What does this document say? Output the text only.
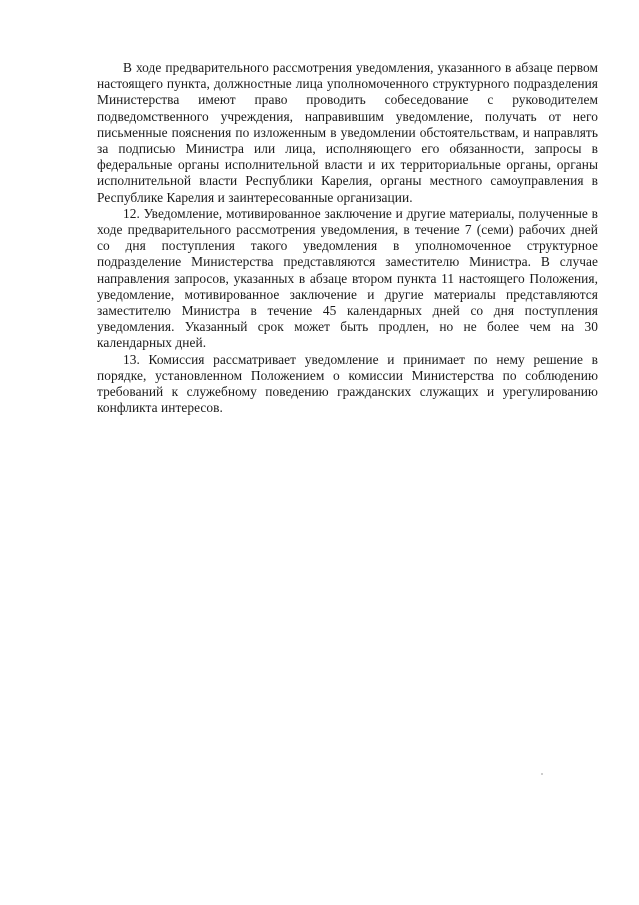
В ходе предварительного рассмотрения уведомления, указанного в абзаце первом настоящего пункта, должностные лица уполномоченного структурного подразделения Министерства имеют право проводить собеседование с руководителем подведомственного учреждения, направившим уведомление, получать от него письменные пояснения по изложенным в уведомлении обстоятельствам, и направлять за подписью Министра или лица, исполняющего его обязанности, запросы в федеральные органы исполнительной власти и их территориальные органы, органы исполнительной власти Республики Карелия, органы местного самоуправления в Республике Карелия и заинтересованные организации.

12. Уведомление, мотивированное заключение и другие материалы, полученные в ходе предварительного рассмотрения уведомления, в течение 7 (семи) рабочих дней со дня поступления такого уведомления в уполномоченное структурное подразделение Министерства представляются заместителю Министра. В случае направления запросов, указанных в абзаце втором пункта 11 настоящего Положения, уведомление, мотивированное заключение и другие материалы представляются заместителю Министра в течение 45 календарных дней со дня поступления уведомления. Указанный срок может быть продлен, но не более чем на 30 календарных дней.

13. Комиссия рассматривает уведомление и принимает по нему решение в порядке, установленном Положением о комиссии Министерства по соблюдению требований к служебному поведению гражданских служащих и урегулированию конфликта интересов.
